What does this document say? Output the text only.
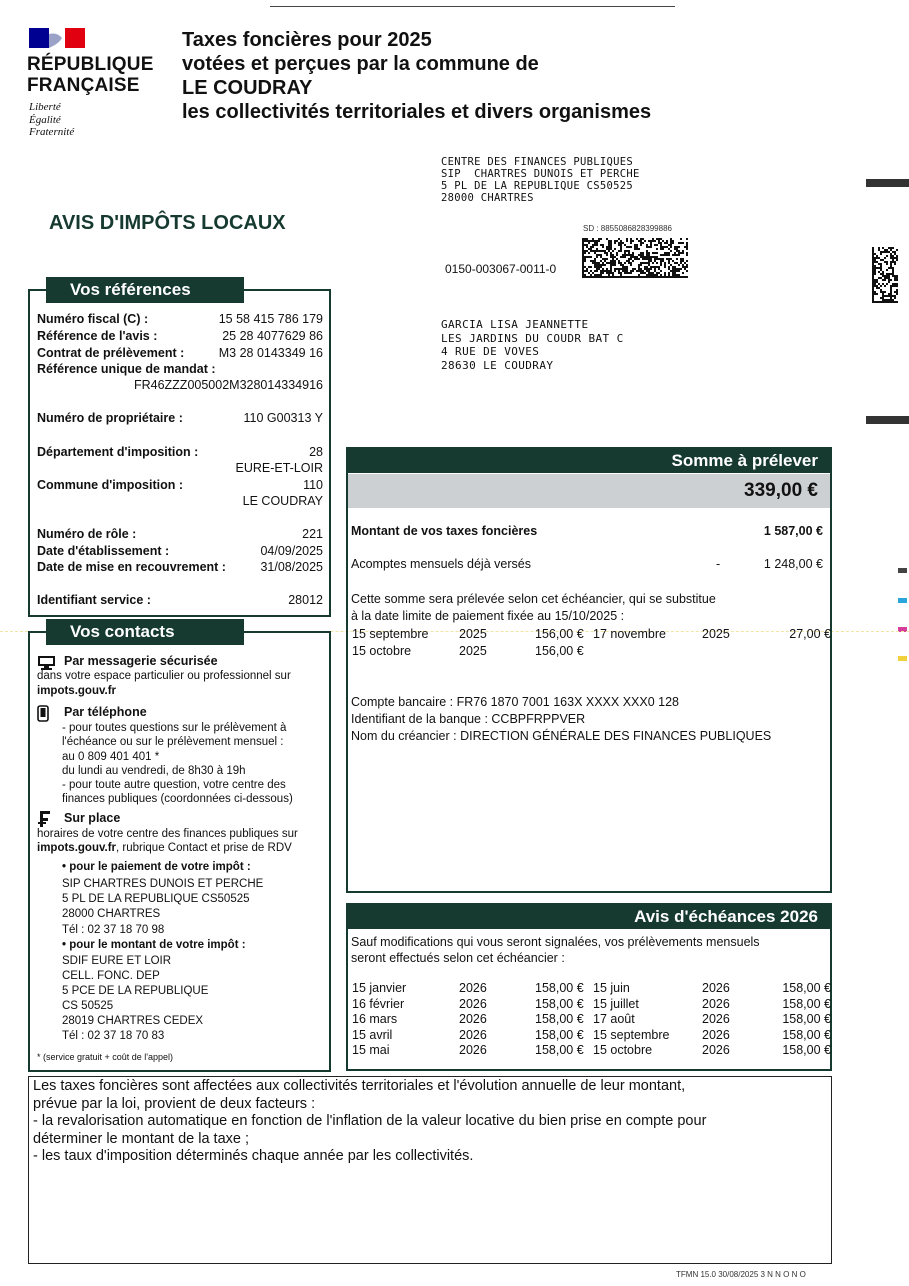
RÉPUBLIQUE
FRANÇAISE
Liberté
Égalité
Fraternité
Taxes foncières pour 2025
votées et perçues par la commune de
LE COUDRAY
les collectivités territoriales et divers organismes
CENTRE DES FINANCES PUBLIQUES
SIP  CHARTRES DUNOIS ET PERCHE
5 PL DE LA REPUBLIQUE CS50525
28000 CHARTRES
AVIS D'IMPÔTS LOCAUX	SD : 8855086828399886
0150-003067-0011-0
GARCIA LISA JEANNETTE
LES JARDINS DU COUDR BAT C
4 RUE DE VOVES
28630 LE COUDRAY
Vos références
Numéro fiscal (C) :	15 58 415 786 179
Référence de l'avis :	25 28 4077629 86
Contrat de prélèvement :	M3 28 0143349 16
Référence unique de mandat :
FR46ZZZ005002M328014334916
Numéro de propriétaire :	110 G00313 Y
Département d'imposition :	28
EURE-ET-LOIR
Commune d'imposition :	110
LE COUDRAY
Numéro de rôle :	221
Date d'établissement :	04/09/2025
Date de mise en recouvrement :	31/08/2025
Identifiant service :	28012
Vos contacts
Par messagerie sécurisée
dans votre espace particulier ou professionnel sur
impots.gouv.fr
Par téléphone
- pour toutes questions sur le prélèvement à
l'échéance ou sur le prélèvement mensuel :
au 0 809 401 401 *
du lundi au vendredi, de 8h30 à 19h
- pour toute autre question, votre centre des
finances publiques (coordonnées ci-dessous)
Sur place
horaires de votre centre des finances publiques sur
impots.gouv.fr, rubrique Contact et prise de RDV
• pour le paiement de votre impôt :
SIP CHARTRES DUNOIS ET PERCHE
5 PL DE LA REPUBLIQUE CS50525
28000 CHARTRES
Tél : 02 37 18 70 98
• pour le montant de votre impôt :
SDIF EURE ET LOIR
CELL. FONC. DEP
5 PCE DE LA REPUBLIQUE
CS 50525
28019 CHARTRES CEDEX
Tél : 02 37 18 70 83
* (service gratuit + coût de l'appel)
Somme à prélever
339,00 €
Montant de vos taxes foncières	1 587,00 €
Acomptes mensuels déjà versés	-	1 248,00 €
Cette somme sera prélevée selon cet échéancier, qui se substitue
à la date limite de paiement fixée au 15/10/2025 :
15 septembre 2025	156,00 €
15 octobre	2025	156,00 €
17 novembre	2025	27,00 €
Compte bancaire : FR76 1870 7001 163X XXXX XXX0 128
Identifiant de la banque : CCBPFRPPVER
Nom du créancier : DIRECTION GÉNÉRALE DES FINANCES PUBLIQUES
Avis d'échéances 2026
Sauf modifications qui vous seront signalées, vos prélèvements mensuels
seront effectués selon cet échéancier :
15 janvier	2026	158,00 €
16 février	2026	158,00 €
16 mars	2026	158,00 €
15 avril	2026	158,00 €
15 mai	2026	158,00 €
15 juin	2026	158,00 €
15 juillet	2026	158,00 €
17 août	2026	158,00 €
15 septembre	2026	158,00 €
15 octobre	2026	158,00 €
Les taxes foncières sont affectées aux collectivités territoriales et l'évolution annuelle de leur montant,
prévue par la loi, provient de deux facteurs :
- la revalorisation automatique en fonction de l'inflation de la valeur locative du bien prise en compte pour
déterminer le montant de la taxe ;
- les taux d'imposition déterminés chaque année par les collectivités.
TFMN 15.0 30/08/2025 3 N N O N O
